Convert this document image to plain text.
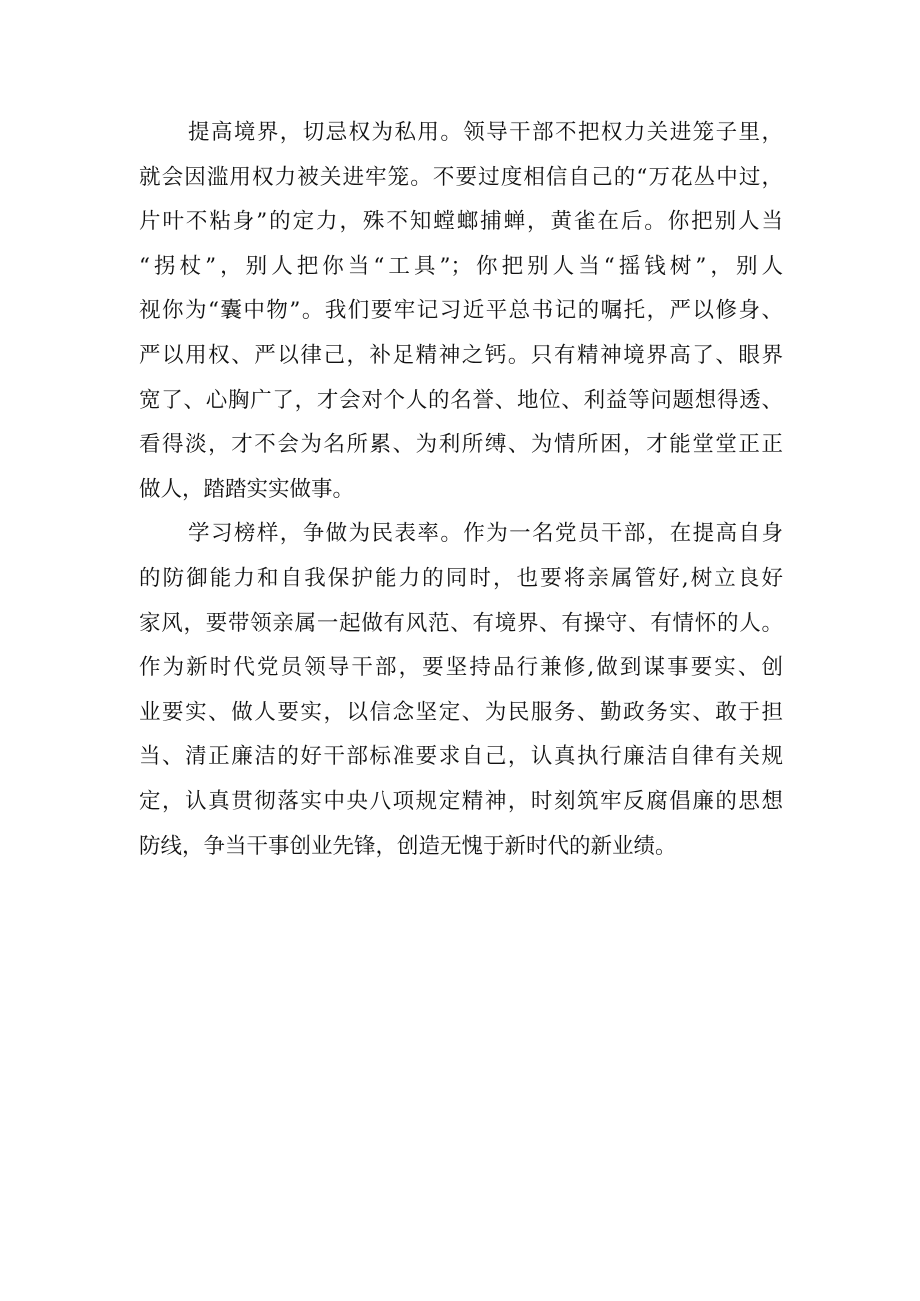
提高境界，切忌权为私用。领导干部不把权力关进笼子里，
就会因滥用权力被关进牢笼。不要过度相信自己的“万花丛中过，
片叶不粘身”的定力，殊不知螳螂捕蝉，黄雀在后。你把别人当
“拐杖”，别人把你当“工具”；你把别人当“摇钱树”，别人
视你为“囊中物”。我们要牢记习近平总书记的嘱托，严以修身、
严以用权、严以律己，补足精神之钙。只有精神境界高了、眼界
宽了、心胸广了，才会对个人的名誉、地位、利益等问题想得透、
看得淡，才不会为名所累、为利所缚、为情所困，才能堂堂正正
做人，踏踏实实做事。
学习榜样，争做为民表率。作为一名党员干部，在提高自身
的防御能力和自我保护能力的同时，也要将亲属管好,树立良好
家风，要带领亲属一起做有风范、有境界、有操守、有情怀的人。
作为新时代党员领导干部，要坚持品行兼修,做到谋事要实、创
业要实、做人要实，以信念坚定、为民服务、勤政务实、敢于担
当、清正廉洁的好干部标准要求自己，认真执行廉洁自律有关规
定，认真贯彻落实中央八项规定精神，时刻筑牢反腐倡廉的思想
防线，争当干事创业先锋，创造无愧于新时代的新业绩。
